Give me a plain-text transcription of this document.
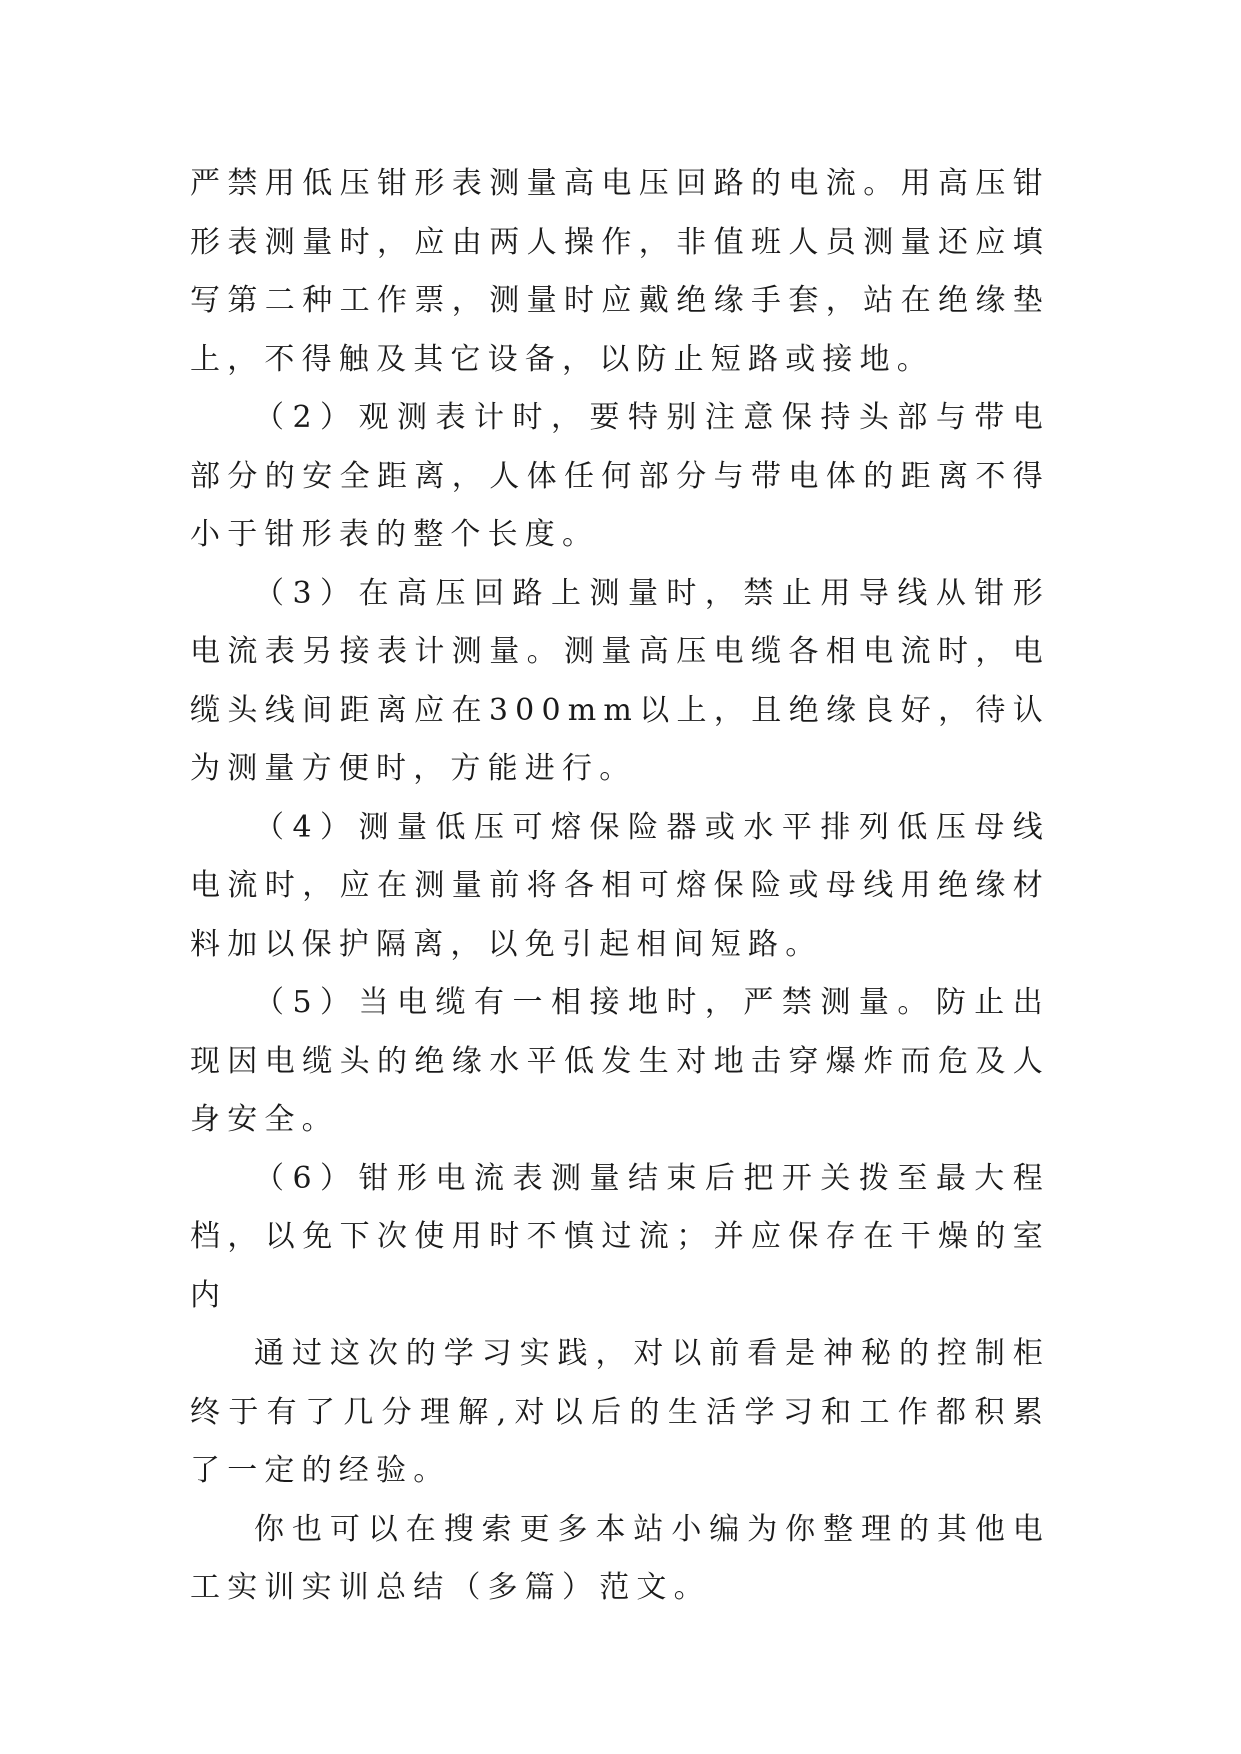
严禁用低压钳形表测量高电压回路的电流。用高压钳形表测量时，应由两人操作，非值班人员测量还应填写第二种工作票，测量时应戴绝缘手套，站在绝缘垫上，不得触及其它设备，以防止短路或接地。

（2）观测表计时，要特别注意保持头部与带电部分的安全距离，人体任何部分与带电体的距离不得小于钳形表的整个长度。

（3）在高压回路上测量时，禁止用导线从钳形电流表另接表计测量。测量高压电缆各相电流时，电缆头线间距离应在300mm以上，且绝缘良好，待认为测量方便时，方能进行。

（4）测量低压可熔保险器或水平排列低压母线电流时，应在测量前将各相可熔保险或母线用绝缘材料加以保护隔离，以免引起相间短路。

（5）当电缆有一相接地时，严禁测量。防止出现因电缆头的绝缘水平低发生对地击穿爆炸而危及人身安全。

（6）钳形电流表测量结束后把开关拨至最大程档，以免下次使用时不慎过流；并应保存在干燥的室内

通过这次的学习实践，对以前看是神秘的控制柜终于有了几分理解,对以后的生活学习和工作都积累了一定的经验。

你也可以在搜索更多本站小编为你整理的其他电工实训实训总结（多篇）范文。
